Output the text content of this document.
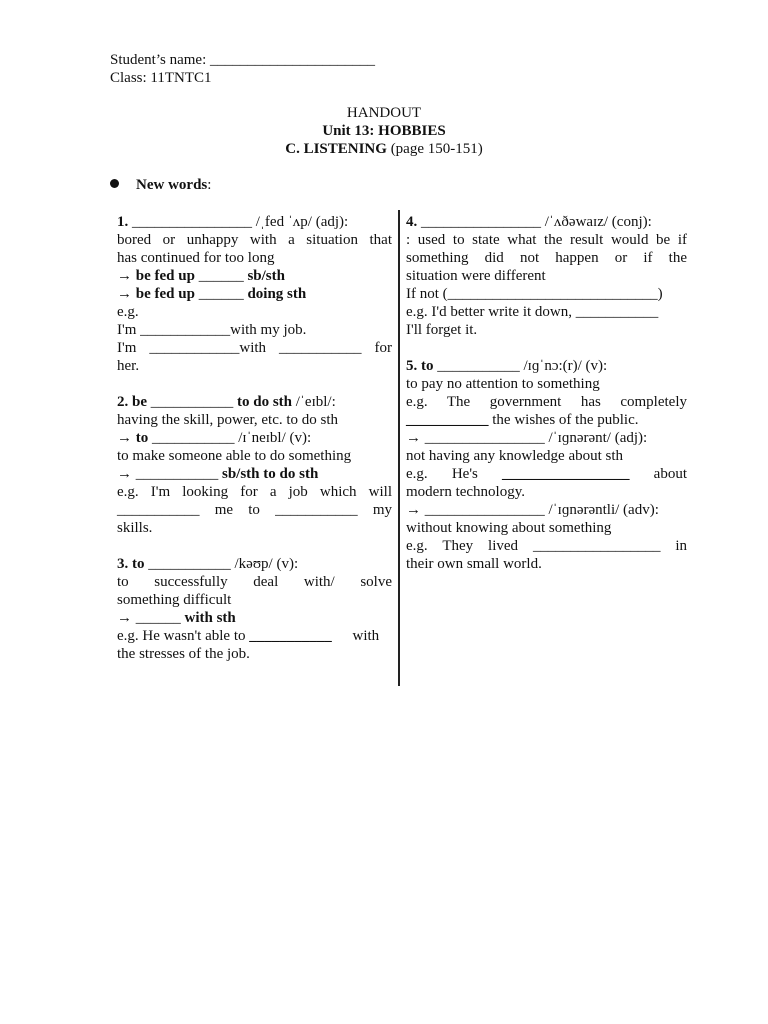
Student’s name: ______________________
Class: 11TNTC1
HANDOUT
Unit 13: HOBBIES
C. LISTENING (page 150-151)
New words:
1. ________________ /ˌfed ˈʌp/ (adj):
bored or unhappy with a situation that
has continued for too long
→ be fed up ______ sb/sth
→ be fed up ______ doing sth
e.g.
I'm ____________with my job.
I'm ____________with ___________ for
her.
2. be ___________ to do sth /ˈeɪbl/:
having the skill, power, etc. to do sth
→ to ___________ /ɪˈneɪbl/ (v):
to make someone able to do something
→ ___________ sb/sth to do sth
e.g. I'm looking for a job which will
___________ me to ___________ my
skills.
3. to ___________ /kəʊp/ (v):
to successfully deal with/ solve
something difficult
→ ______ with sth
e.g. He wasn't able to ___________ with
the stresses of the job.
4. ________________ /ˈʌðəwaɪz/ (conj):
: used to state what the result would be if
something did not happen or if the
situation were different
If not (____________________________)
e.g. I'd better write it down, ___________
I'll forget it.
5. to ___________ /ɪɡˈnɔ:(r)/ (v):
to pay no attention to something
e.g. The government has completely
___________ the wishes of the public.
→ ________________ /ˈɪɡnərənt/ (adj):
not having any knowledge about sth
e.g. He's _________________ about
modern technology.
→ ________________ /ˈɪɡnərəntli/ (adv):
without knowing about something
e.g. They lived _________________ in
their own small world.
